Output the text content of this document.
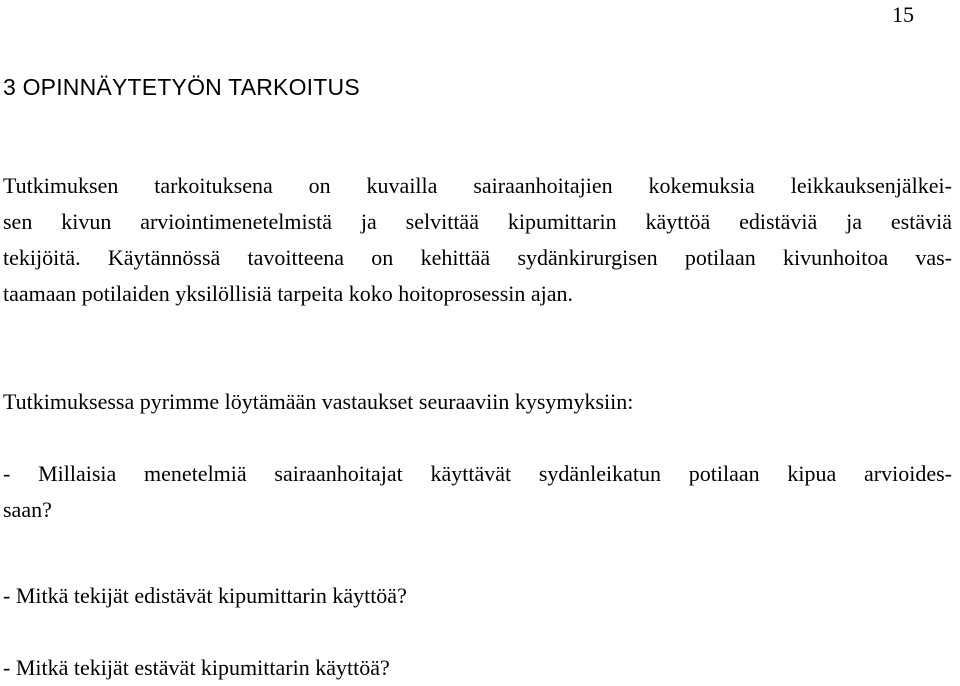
15
3 OPINNÄYTETYÖN TARKOITUS
Tutkimuksen tarkoituksena on kuvailla sairaanhoitajien kokemuksia leikkauksenjälkei-
sen kivun arviointimenetelmistä ja selvittää kipumittarin käyttöä edistäviä ja estäviä
tekijöitä. Käytännössä tavoitteena on kehittää sydänkirurgisen potilaan kivunhoitoa vas-
taamaan potilaiden yksilöllisiä tarpeita koko hoitoprosessin ajan.
Tutkimuksessa pyrimme löytämään vastaukset seuraaviin kysymyksiin:
- Millaisia menetelmiä sairaanhoitajat käyttävät sydänleikatun potilaan kipua arvioides-
saan?
- Mitkä tekijät edistävät kipumittarin käyttöä?
- Mitkä tekijät estävät kipumittarin käyttöä?
